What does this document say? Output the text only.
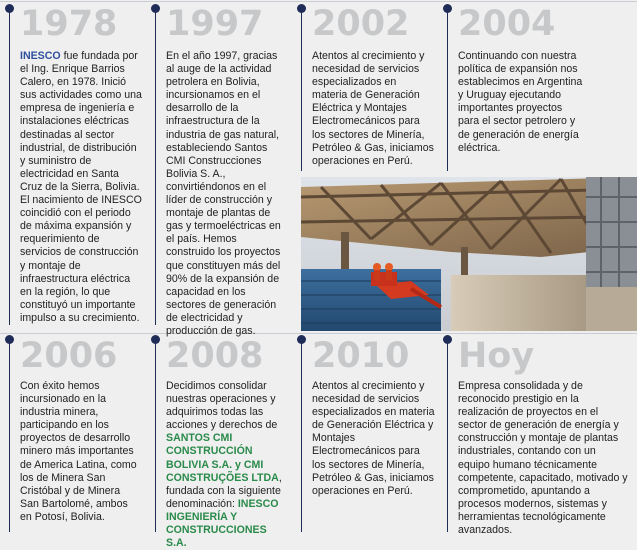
1978
INESCO fue fundada por el Ing. Enrique Barrios Calero, en 1978. Inició sus actividades como una empresa de ingeniería e instalaciones eléctricas destinadas al sector industrial, de distribución y suministro de electricidad en Santa Cruz de la Sierra, Bolivia. El nacimiento de INESCO coincidió con el periodo de máxima expansión y requerimiento de servicios de construcción y montaje de infraestructura eléctrica en la región, lo que constituyó un importante impulso a su crecimiento.
1997
En el año 1997, gracias al auge de la actividad petrolera en Bolivia, incursionamos en el desarrollo de la infraestructura de la industria de gas natural, estableciendo Santos CMI Construcciones Bolivia S. A., convirtiéndonos en el líder de construcción y montaje de plantas de gas y termoeléctricas en el país. Hemos construido los proyectos que constituyen más del 90% de la expansión de capacidad en los sectores de generación de electricidad y producción de gas.
2002
Atentos al crecimiento y necesidad de servicios especializados en materia de Generación Eléctrica y Montajes Electromecánicos para los sectores de Minería, Petróleo & Gas, iniciamos operaciones en Perú.
2004
Continuando con nuestra política de expansión nos establecimos en Argentina y Uruguay ejecutando importantes proyectos para el sector petrolero y de generación de energía eléctrica.
2006
Con éxito hemos incursionado en la industria minera, participando en los proyectos de desarrollo minero más importantes de America Latina, como los de Minera San Cristóbal y de Minera San Bartolomé, ambos en Potosí, Bolivia.
2008
Decidimos consolidar nuestras operaciones y adquirimos todas las acciones y derechos de SANTOS CMI CONSTRUCCIÓN BOLIVIA S.A. y CMI CONSTRUÇÕES LTDA, fundada con la siguiente denominación: INESCO INGENIERÍA Y CONSTRUCCIONES S.A.
2010
Atentos al crecimiento y necesidad de servicios especializados en materia de Generación Eléctrica y Montajes Electromecánicos para los sectores de Minería, Petróleo & Gas, iniciamos operaciones en Perú.
Hoy
Empresa consolidada y de reconocido prestigio en la realización de proyectos en el sector de generación de energía y construcción y montaje de plantas industriales, contando con un equipo humano técnicamente competente, capacitado, motivado y comprometido, apuntando a procesos modernos, sistemas y herramientas tecnológicamente avanzados.
